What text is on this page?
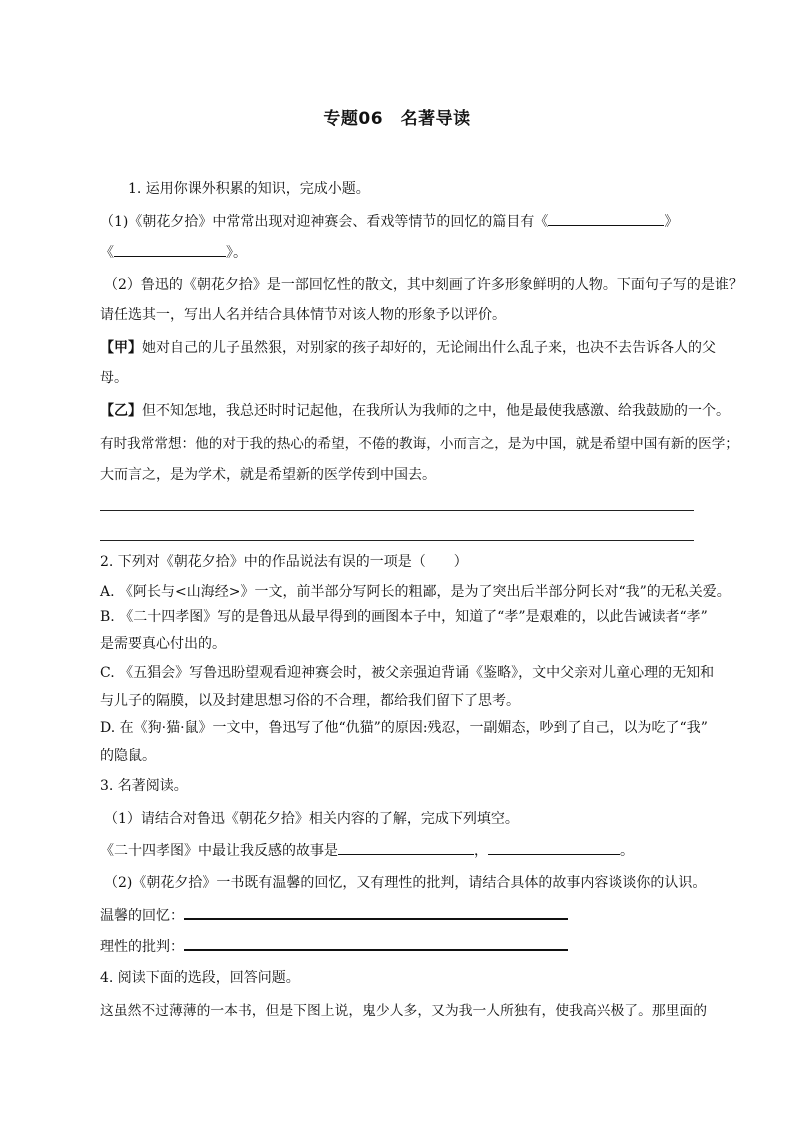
专题06　名著导读
1. 运用你课外积累的知识，完成小题。
（1)《朝花夕拾》中常常出现对迎神赛会、看戏等情节的回忆的篇目有《	》
《	》。
（2）鲁迅的《朝花夕拾》是一部回忆性的散文，其中刻画了许多形象鲜明的人物。下面句子写的是谁？
请任选其一，写出人名并结合具体情节对该人物的形象予以评价。
【甲】她对自己的儿子虽然狠，对别家的孩子却好的，无论闹出什么乱子来，也决不去告诉各人的父
母。
【乙】但不知怎地，我总还时时记起他，在我所认为我师的之中，他是最使我感激、给我鼓励的一个。
有时我常常想：他的对于我的热心的希望，不倦的教诲，小而言之，是为中国，就是希望中国有新的医学；
大而言之，是为学术，就是希望新的医学传到中国去。
2. 下列对《朝花夕拾》中的作品说法有误的一项是（　　）
A. 《阿长与<山海经>》一文，前半部分写阿长的粗鄙，是为了突出后半部分阿长对“我”的无私关爱。
B. 《二十四孝图》写的是鲁迅从最早得到的画图本子中，知道了“孝”是艰难的，以此告诫读者“孝”
是需要真心付出的。
C. 《五猖会》写鲁迅盼望观看迎神赛会时，被父亲强迫背诵《鉴略》，文中父亲对儿童心理的无知和
与儿子的隔膜，以及封建思想习俗的不合理，都给我们留下了思考。
D. 在《狗·猫·鼠》一文中，鲁迅写了他“仇猫”的原因:残忍，一副媚态，吵到了自己，以为吃了“我”
的隐鼠。
3. 名著阅读。
（1）请结合对鲁迅《朝花夕拾》相关内容的了解，完成下列填空。
《二十四孝图》中最让我反感的故事是	，	。
（2)《朝花夕拾》一书既有温馨的回忆，又有理性的批判，请结合具体的故事内容谈谈你的认识。
温馨的回忆：
理性的批判：
4. 阅读下面的选段，回答问题。
这虽然不过薄薄的一本书，但是下图上说，鬼少人多，又为我一人所独有，使我高兴极了。那里面的
